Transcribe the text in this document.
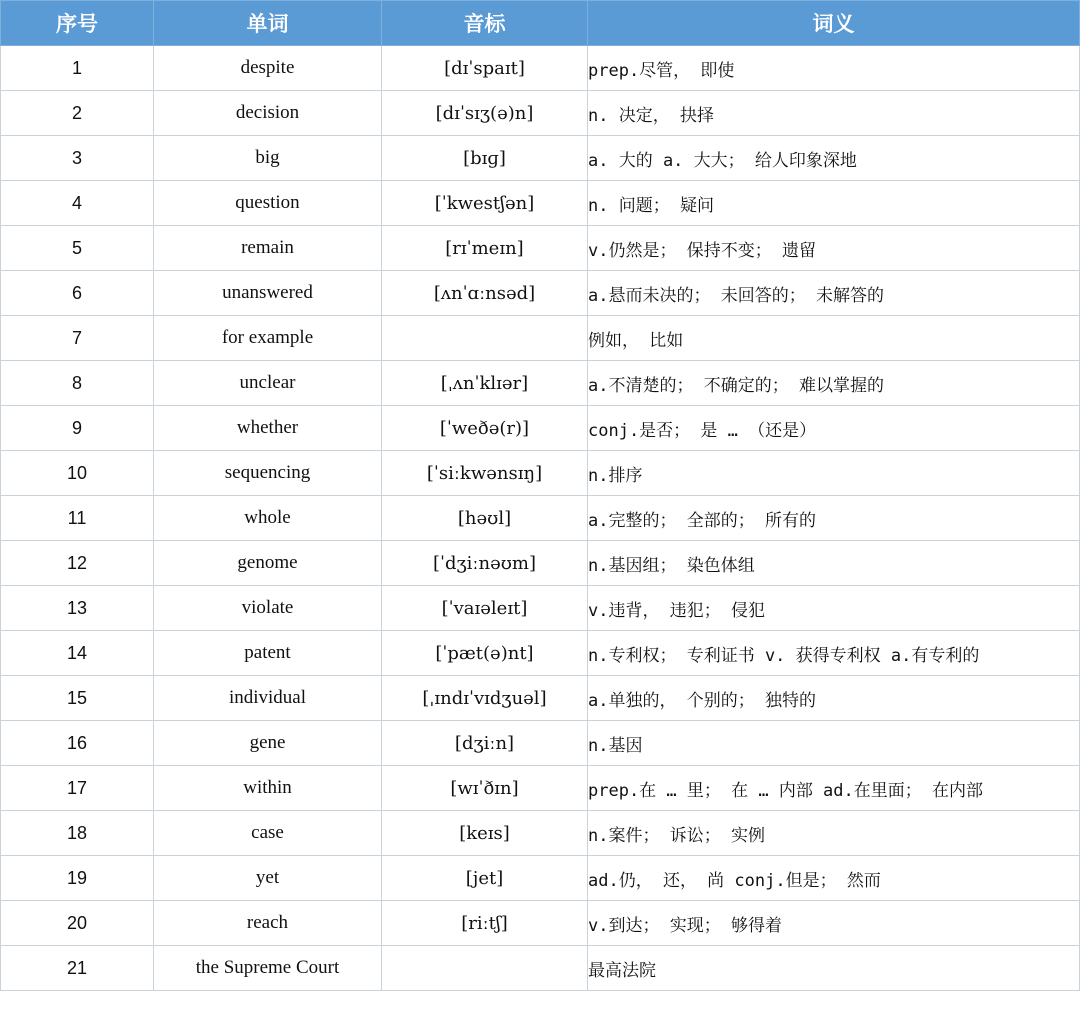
序号	单词	音标	词义
1	despite	[dɪˈspaɪt]	prep.尽管， 即使
2	decision	[dɪˈsɪʒ(ə)n]	n. 决定， 抉择
3	big	[bɪɡ]	a. 大的 a. 大大； 给人印象深地
4	question	[ˈkwestʃən]	n. 问题； 疑问
5	remain	[rɪˈmeɪn]	v.仍然是； 保持不变； 遗留
6	unanswered	[ʌnˈɑːnsəd]	a.悬而未决的； 未回答的； 未解答的
7	for example		例如， 比如
8	unclear	[ˌʌnˈklɪər]	a.不清楚的； 不确定的； 难以掌握的
9	whether	[ˈweðə(r)]	conj.是否； 是 … （还是）
10	sequencing	[ˈsiːkwənsɪŋ]	n.排序
11	whole	[həʊl]	a.完整的； 全部的； 所有的
12	genome	[ˈdʒiːnəʊm]	n.基因组； 染色体组
13	violate	[ˈvaɪəleɪt]	v.违背， 违犯； 侵犯
14	patent	[ˈpæt(ə)nt]	n.专利权； 专利证书 v. 获得专利权 a.有专利的
15	individual	[ˌɪndɪˈvɪdʒuəl]	a.单独的， 个别的； 独特的
16	gene	[dʒiːn]	n.基因
17	within	[wɪˈðɪn]	prep.在 … 里； 在 … 内部 ad.在里面； 在内部
18	case	[keɪs]	n.案件； 诉讼； 实例
19	yet	[jet]	ad.仍， 还， 尚 conj.但是； 然而
20	reach	[riːtʃ]	v.到达； 实现； 够得着
21	the Supreme Court		最高法院
